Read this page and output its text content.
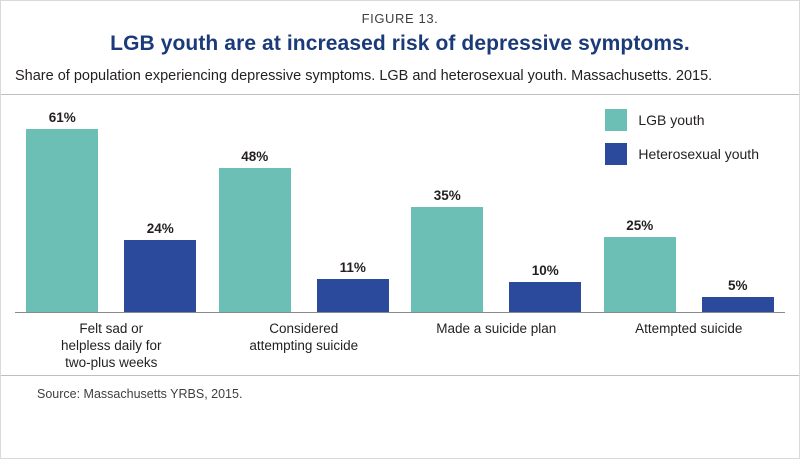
FIGURE 13.
LGB youth are at increased risk of depressive symptoms.
Share of population experiencing depressive symptoms. LGB and heterosexual youth. Massachusetts. 2015.
61%
24%
48%
11%
35%
10%
25%
5%
Felt sad or
helpless daily for
two-plus weeks
Considered
attempting suicide
Made a suicide plan	Attempted suicide
LGB youth
Heterosexual youth
Source: Massachusetts YRBS, 2015.
